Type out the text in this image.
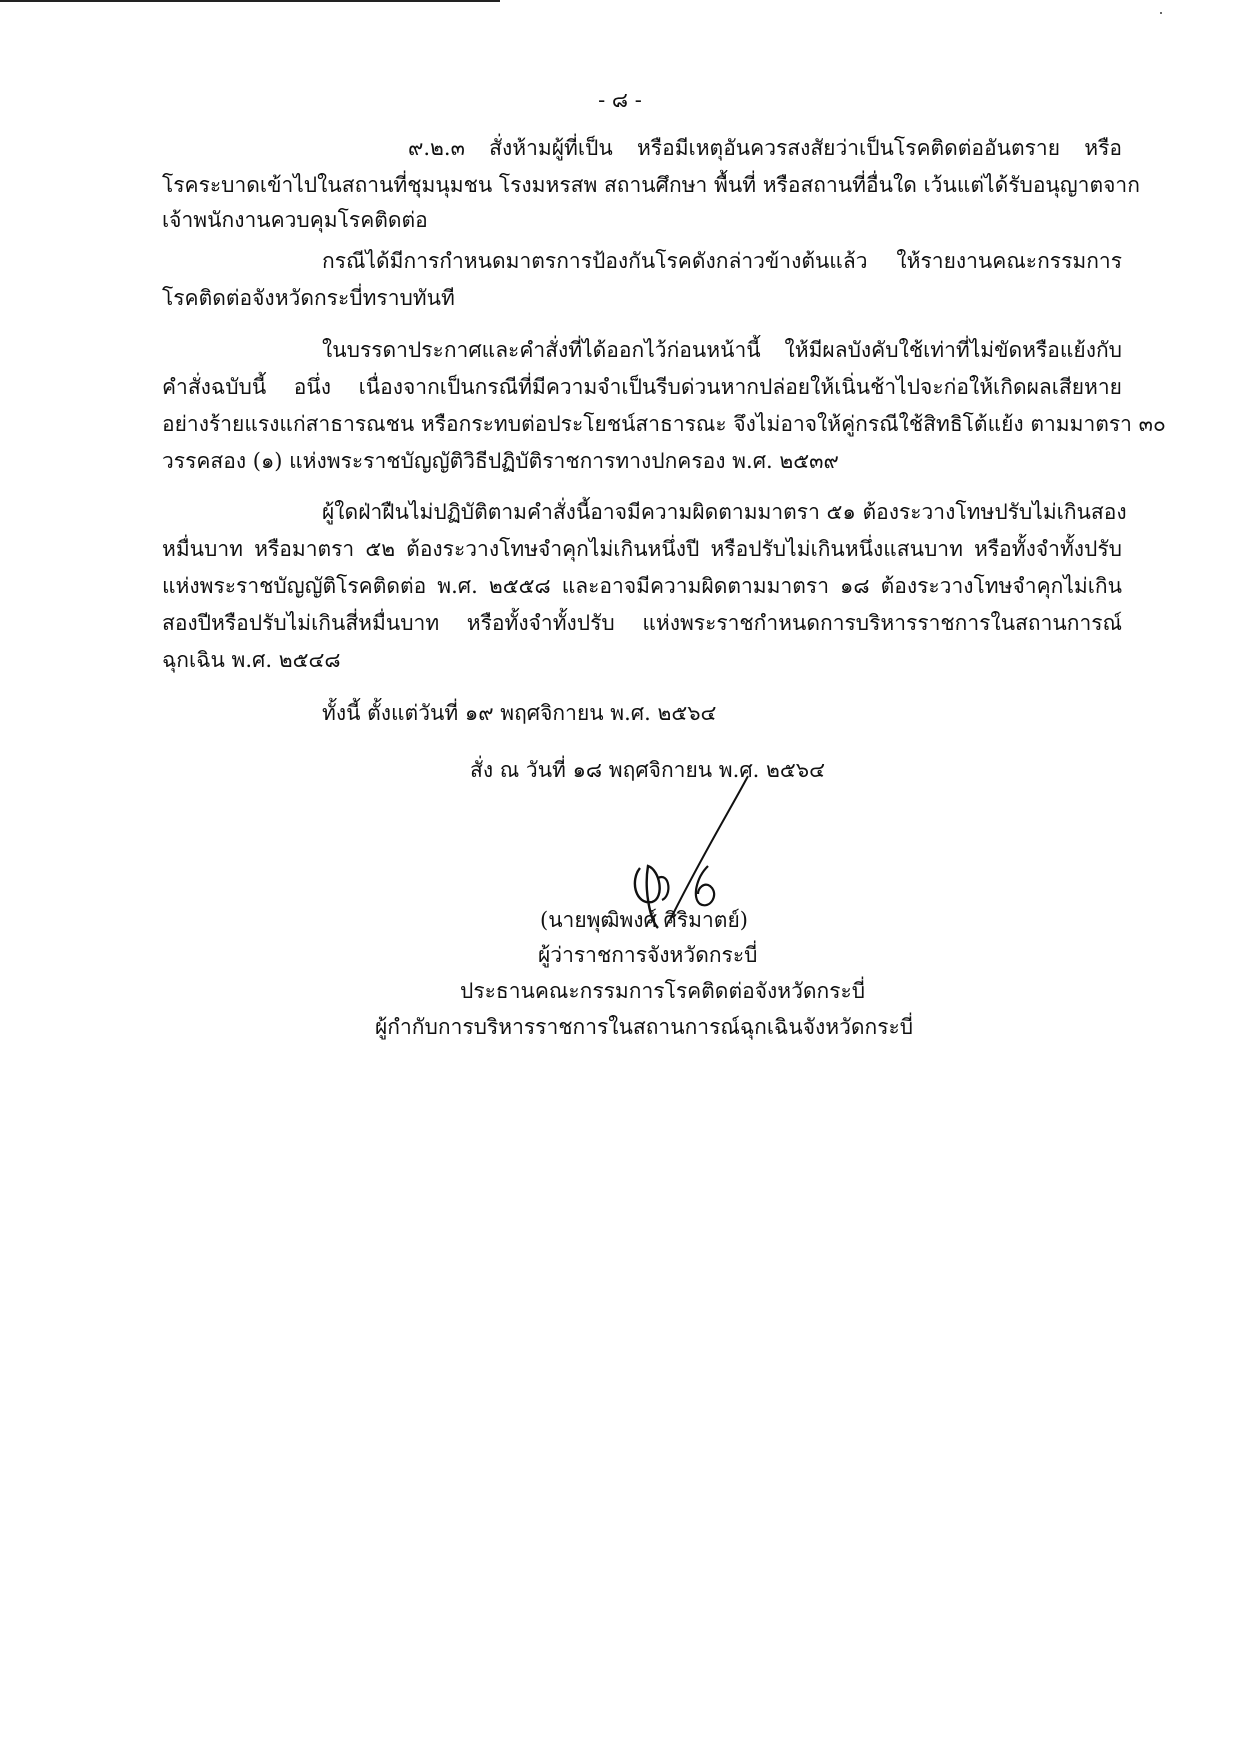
- ๘ -
๙.๒.๓ สั่งห้ามผู้ที่เป็น หรือมีเหตุอันควรสงสัยว่าเป็นโรคติดต่ออันตราย หรือ
โรคระบาดเข้าไปในสถานที่ชุมนุมชน โรงมหรสพ สถานศึกษา พื้นที่ หรือสถานที่อื่นใด เว้นแต่ได้รับอนุญาตจาก
เจ้าพนักงานควบคุมโรคติดต่อ
กรณีได้มีการกำหนดมาตรการป้องกันโรคดังกล่าวข้างต้นแล้ว ให้รายงานคณะกรรมการ
โรคติดต่อจังหวัดกระบี่ทราบทันที
ในบรรดาประกาศและคำสั่งที่ได้ออกไว้ก่อนหน้านี้ ให้มีผลบังคับใช้เท่าที่ไม่ขัดหรือแย้งกับ
คำสั่งฉบับนี้ อนึ่ง เนื่องจากเป็นกรณีที่มีความจำเป็นรีบด่วนหากปล่อยให้เนิ่นช้าไปจะก่อให้เกิดผลเสียหาย
อย่างร้ายแรงแก่สาธารณชน หรือกระทบต่อประโยชน์สาธารณะ จึงไม่อาจให้คู่กรณีใช้สิทธิโต้แย้ง ตามมาตรา ๓๐
วรรคสอง (๑) แห่งพระราชบัญญัติวิธีปฏิบัติราชการทางปกครอง พ.ศ. ๒๕๓๙
ผู้ใดฝ่าฝืนไม่ปฏิบัติตามคำสั่งนี้อาจมีความผิดตามมาตรา ๕๑ ต้องระวางโทษปรับไม่เกินสอง
หมื่นบาท หรือมาตรา ๕๒ ต้องระวางโทษจำคุกไม่เกินหนึ่งปี หรือปรับไม่เกินหนึ่งแสนบาท หรือทั้งจำทั้งปรับ
แห่งพระราชบัญญัติโรคติดต่อ พ.ศ. ๒๕๕๘ และอาจมีความผิดตามมาตรา ๑๘ ต้องระวางโทษจำคุกไม่เกิน
สองปีหรือปรับไม่เกินสี่หมื่นบาท หรือทั้งจำทั้งปรับ แห่งพระราชกำหนดการบริหารราชการในสถานการณ์
ฉุกเฉิน พ.ศ. ๒๕๔๘
ทั้งนี้ ตั้งแต่วันที่ ๑๙ พฤศจิกายน พ.ศ. ๒๕๖๔
สั่ง ณ วันที่ ๑๘ พฤศจิกายน พ.ศ. ๒๕๖๔
(นายพุฒิพงศ์ ศิริมาตย์)
ผู้ว่าราชการจังหวัดกระบี่
ประธานคณะกรรมการโรคติดต่อจังหวัดกระบี่
ผู้กำกับการบริหารราชการในสถานการณ์ฉุกเฉินจังหวัดกระบี่
